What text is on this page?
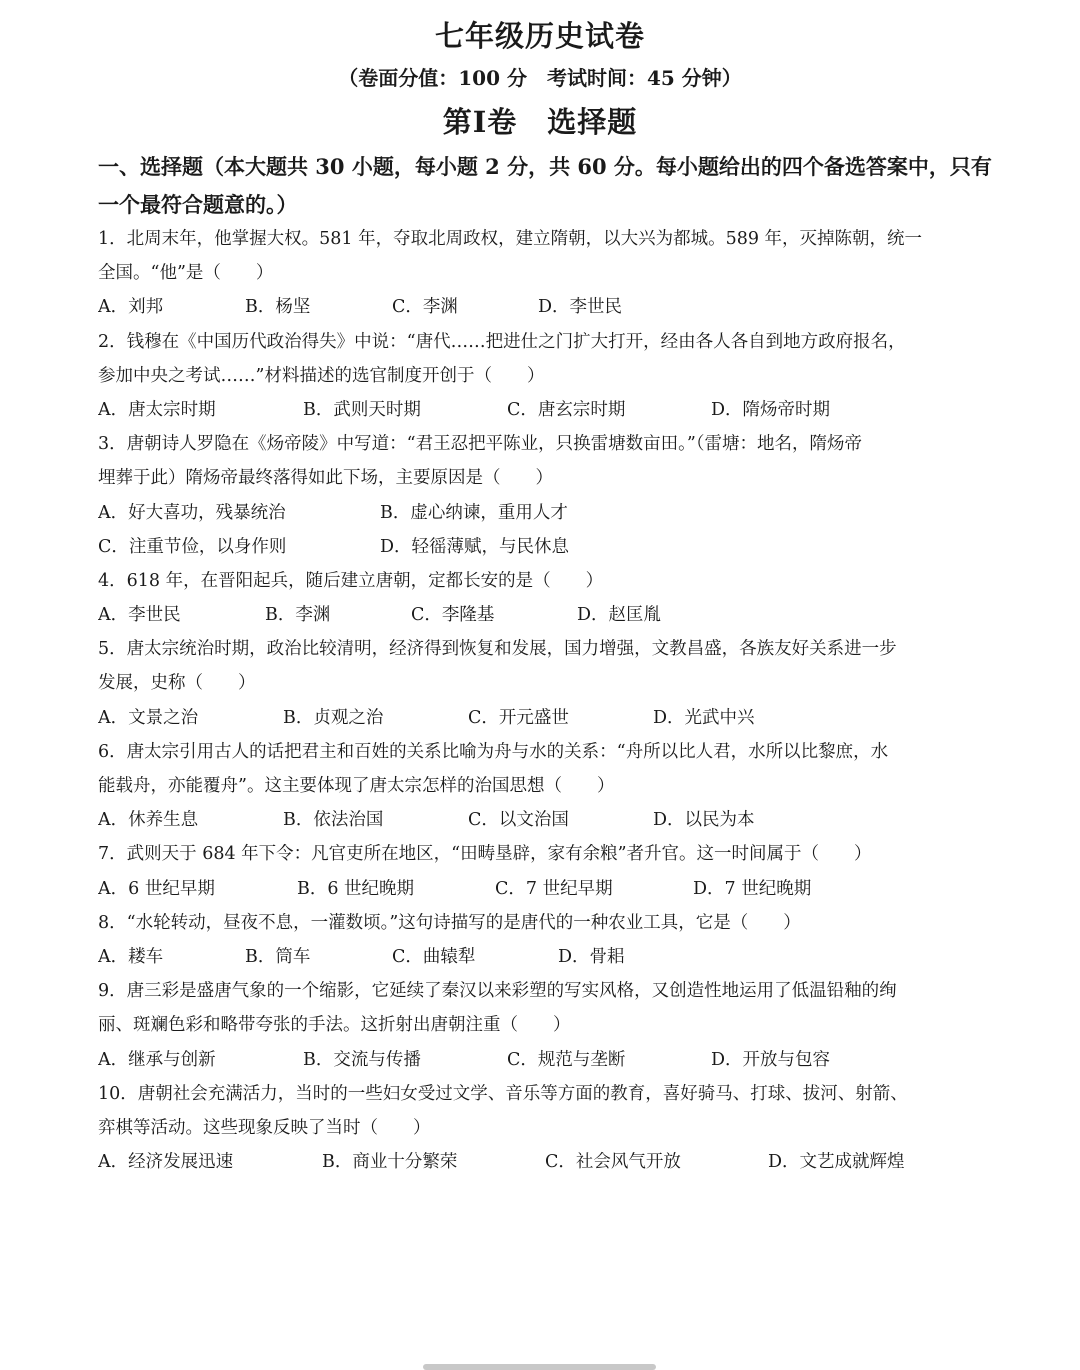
七年级历史试卷
（卷面分值：100 分　考试时间：45 分钟）
第Ⅰ卷　选择题
一、选择题（本大题共 30 小题，每小题 2 分，共 60 分。每小题给出的四个备选答案中，只有一个最符合题意的。）
1．北周末年，他掌握大权。581 年，夺取北周政权，建立隋朝，以大兴为都城。589 年，灭掉陈朝，统一
全国。“他”是（　　）
A．刘邦	B．杨坚	C．李渊	D．李世民
2．钱穆在《中国历代政治得失》中说：“唐代……把进仕之门扩大打开，经由各人各自到地方政府报名，
参加中央之考试……”材料描述的选官制度开创于（　　）
A．唐太宗时期	B．武则天时期	C．唐玄宗时期	D．隋炀帝时期
3．唐朝诗人罗隐在《炀帝陵》中写道：“君王忍把平陈业，只换雷塘数亩田。”（雷塘：地名，隋炀帝
埋葬于此）隋炀帝最终落得如此下场，主要原因是（　　）
A．好大喜功，残暴统治	B．虚心纳谏，重用人才
C．注重节俭，以身作则	D．轻徭薄赋，与民休息
4．618 年，在晋阳起兵，随后建立唐朝，定都长安的是（　　）
A．李世民	B．李渊	C．李隆基	D．赵匡胤
5．唐太宗统治时期，政治比较清明，经济得到恢复和发展，国力增强，文教昌盛，各族友好关系进一步
发展，史称（　　）
A．文景之治	B．贞观之治	C．开元盛世	D．光武中兴
6．唐太宗引用古人的话把君主和百姓的关系比喻为舟与水的关系：“舟所以比人君，水所以比黎庶，水
能载舟，亦能覆舟”。这主要体现了唐太宗怎样的治国思想（　　）
A．休养生息	B．依法治国	C．以文治国	D．以民为本
7．武则天于 684 年下令：凡官吏所在地区，“田畴垦辟，家有余粮”者升官。这一时间属于（　　）
A．6 世纪早期	B．6 世纪晚期	C．7 世纪早期	D．7 世纪晚期
8．“水轮转动，昼夜不息，一灌数顷。”这句诗描写的是唐代的一种农业工具，它是（　　）
A．耧车	B．筒车	C．曲辕犁	D．骨耜
9．唐三彩是盛唐气象的一个缩影，它延续了秦汉以来彩塑的写实风格，又创造性地运用了低温铅釉的绚
丽、斑斓色彩和略带夸张的手法。这折射出唐朝注重（　　）
A．继承与创新	B．交流与传播	C．规范与垄断	D．开放与包容
10．唐朝社会充满活力，当时的一些妇女受过文学、音乐等方面的教育，喜好骑马、打球、拔河、射箭、
弈棋等活动。这些现象反映了当时（　　）
A．经济发展迅速	B．商业十分繁荣	C．社会风气开放	D．文艺成就辉煌
